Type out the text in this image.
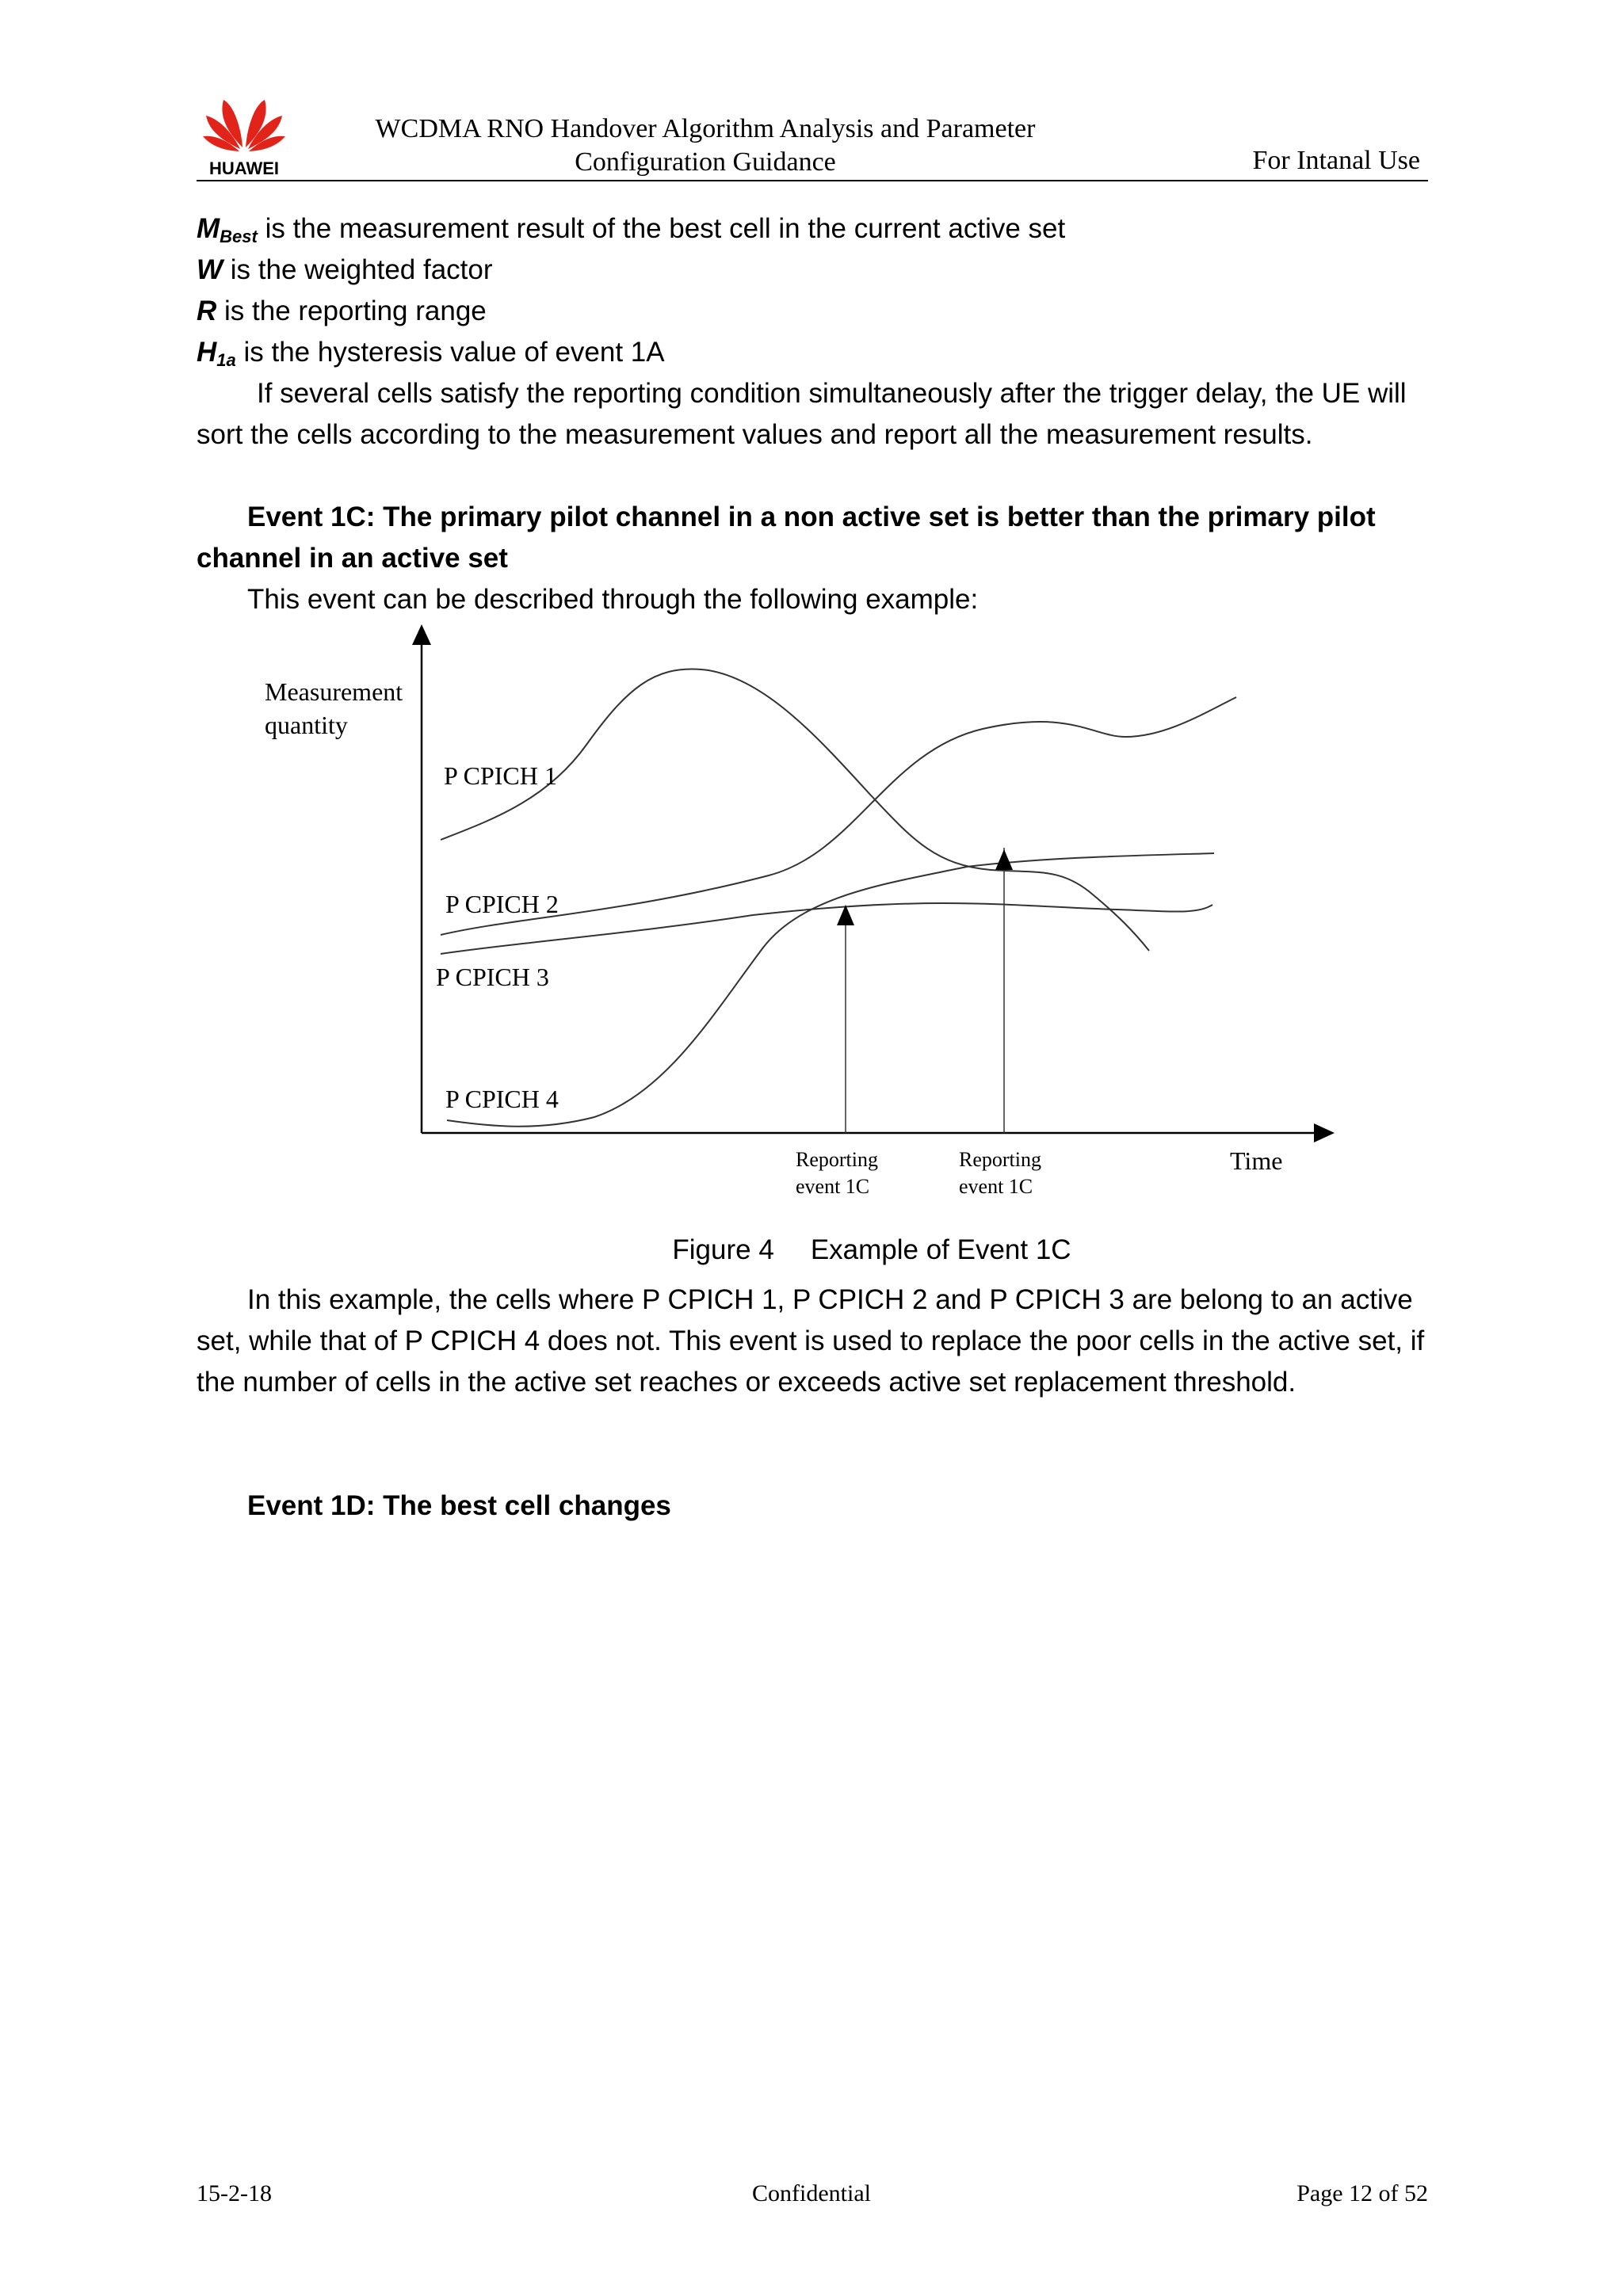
HUAWEI
WCDMA RNO Handover Algorithm Analysis and Parameter
Configuration Guidance	For Intanal Use
$M_{Best}$ is the measurement result of the best cell in the current active set
W is the weighted factor
R is the reporting range
$H_{1a}$ is the hysteresis value of event 1A
If several cells satisfy the reporting condition simultaneously after the trigger delay, the UE will sort the cells according to the measurement values and report all the measurement results.
Event 1C: The primary pilot channel in a non active set is better than the primary pilot channel in an active set
This event can be described through the following example:
Measurement
quantity
Time
P CPICH 1
P CPICH 2
P CPICH 3
P CPICH 4
Reporting
event 1C
Reporting
event 1C
Figure 4 Example of Event 1C
In this example, the cells where P CPICH 1, P CPICH 2 and P CPICH 3 are belong to an active set, while that of P CPICH 4 does not. This event is used to replace the poor cells in the active set, if the number of cells in the active set reaches or exceeds active set replacement threshold.
Event 1D: The best cell changes
15-2-18	Confidential	Page 12 of 52
